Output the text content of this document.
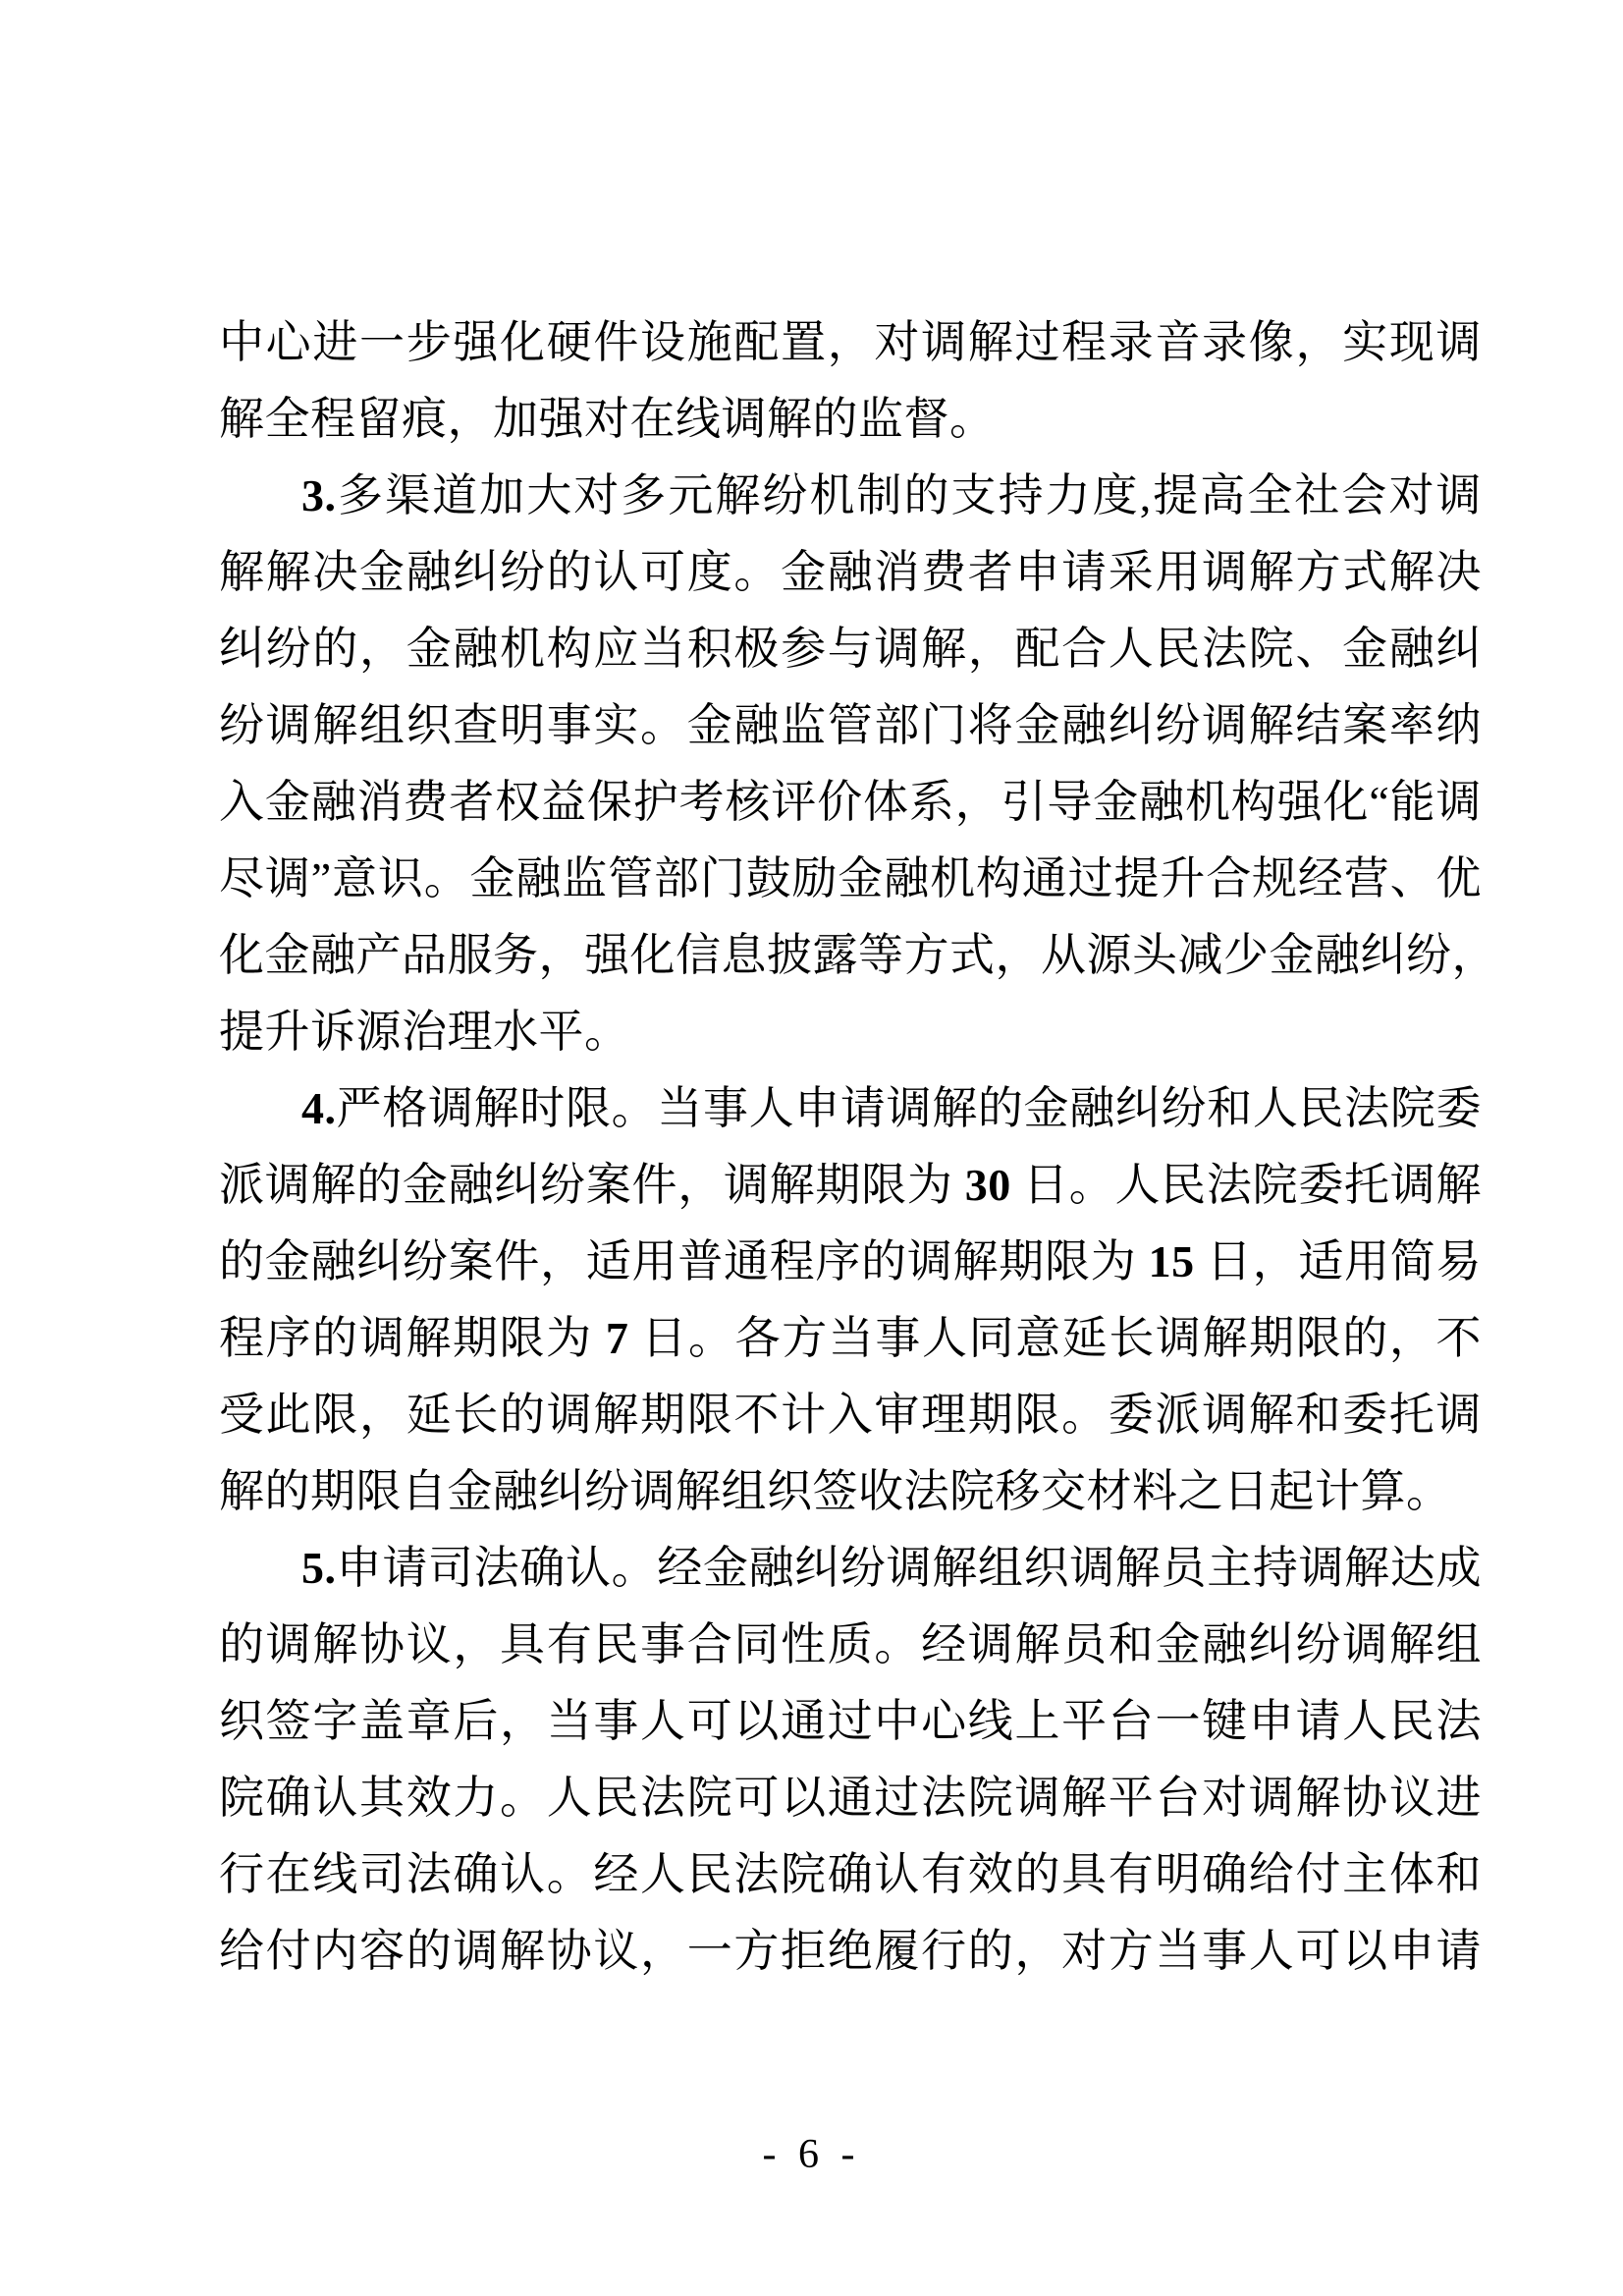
中心进一步强化硬件设施配置，对调解过程录音录像，实现调
解全程留痕，加强对在线调解的监督。
3.多渠道加大对多元解纷机制的支持力度,提高全社会对调
解解决金融纠纷的认可度。金融消费者申请采用调解方式解决
纠纷的，金融机构应当积极参与调解，配合人民法院、金融纠
纷调解组织查明事实。金融监管部门将金融纠纷调解结案率纳
入金融消费者权益保护考核评价体系，引导金融机构强化“能调
尽调”意识。金融监管部门鼓励金融机构通过提升合规经营、优
化金融产品服务，强化信息披露等方式，从源头减少金融纠纷，
提升诉源治理水平。
4.严格调解时限。当事人申请调解的金融纠纷和人民法院委
派调解的金融纠纷案件，调解期限为 30 日。人民法院委托调解
的金融纠纷案件，适用普通程序的调解期限为 15 日，适用简易
程序的调解期限为 7 日。各方当事人同意延长调解期限的，不
受此限，延长的调解期限不计入审理期限。委派调解和委托调
解的期限自金融纠纷调解组织签收法院移交材料之日起计算。
5.申请司法确认。经金融纠纷调解组织调解员主持调解达成
的调解协议，具有民事合同性质。经调解员和金融纠纷调解组
织签字盖章后，当事人可以通过中心线上平台一键申请人民法
院确认其效力。人民法院可以通过法院调解平台对调解协议进
行在线司法确认。经人民法院确认有效的具有明确给付主体和
给付内容的调解协议，一方拒绝履行的，对方当事人可以申请
- 6 -
